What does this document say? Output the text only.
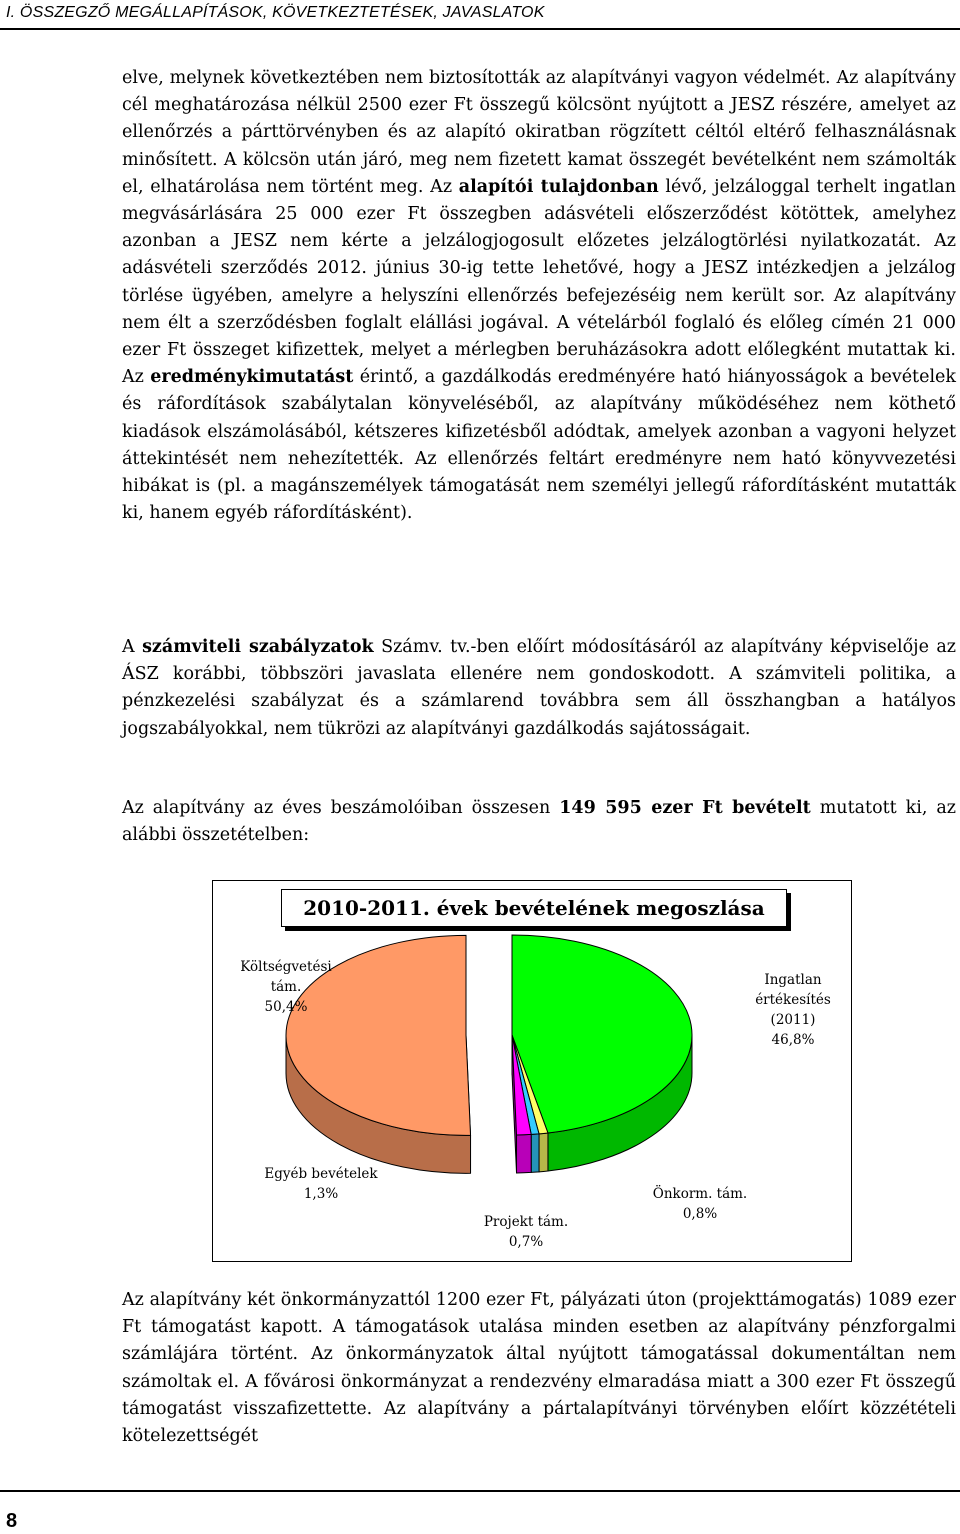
I. ÖSSZEGZŐ MEGÁLLAPÍTÁSOK, KÖVETKEZTETÉSEK, JAVASLATOK

elve, melynek következtében nem biztosították az alapítványi vagyon védelmét. Az alapítvány cél meghatározása nélkül 2500 ezer Ft összegű kölcsönt nyújtott a JESZ részére, amelyet az ellenőrzés a párttörvényben és az alapító okiratban rögzített céltól eltérő felhasználásnak minősített. A kölcsön után járó, meg nem fizetett kamat összegét bevételként nem számolták el, elhatárolása nem történt meg. Az alapítói tulajdonban lévő, jelzáloggal terhelt ingatlan megvásárlására 25 000 ezer Ft összegben adásvételi előszerződést kötöttek, amelyhez azonban a JESZ nem kérte a jelzálogjogosult előzetes jelzálogtörlési nyilatkozatát. Az adásvételi szerződés 2012. június 30-ig tette lehetővé, hogy a JESZ intézkedjen a jelzálog törlése ügyében, amelyre a helyszíni ellenőrzés befejezéséig nem került sor. Az alapítvány nem élt a szerződésben foglalt elállási jogával. A vételárból foglaló és előleg címén 21 000 ezer Ft összeget kifizettek, melyet a mérlegben beruházásokra adott előlegként mutattak ki. Az eredménykimutatást érintő, a gazdálkodás eredményére ható hiányosságok a bevételek és ráfordítások szabálytalan könyveléséből, az alapítvány működéséhez nem köthető kiadások elszámolásából, kétszeres kifizetésből adódtak, amelyek azonban a vagyoni helyzet áttekintését nem nehezítették. Az ellenőrzés feltárt eredményre nem ható könyvvezetési hibákat is (pl. a magánszemélyek támogatását nem személyi jellegű ráfordításként mutatták ki, hanem egyéb ráfordításként).

A számviteli szabályzatok Számv. tv.-ben előírt módosításáról az alapítvány képviselője az ÁSZ korábbi, többszöri javaslata ellenére nem gondoskodott. A számviteli politika, a pénzkezelési szabályzat és a számlarend továbbra sem áll összhangban a hatályos jogszabályokkal, nem tükrözi az alapítványi gazdálkodás sajátosságait.

Az alapítvány az éves beszámolóiban összesen 149 595 ezer Ft bevételt mutatott ki, az alábbi összetételben:

2010-2011. évek bevételének megoszlása
Ingatlan
értékesítés
(2011)
46,8%
Önkorm. tám.
0,8%
Projekt tám.
0,7%
Egyéb bevételek
1,3%
Költségvetési
tám.
50,4%

Az alapítvány két önkormányzattól 1200 ezer Ft, pályázati úton (projekttámogatás) 1089 ezer Ft támogatást kapott. A támogatások utalása minden esetben az alapítvány pénzforgalmi számlájára történt. Az önkormányzatok által nyújtott támogatással dokumentáltan nem számoltak el. A fővárosi önkormányzat a rendezvény elmaradása miatt a 300 ezer Ft összegű támogatást visszafizettette. Az alapítvány a pártalapítványi törvényben előírt közzétételi kötelezettségét

8
